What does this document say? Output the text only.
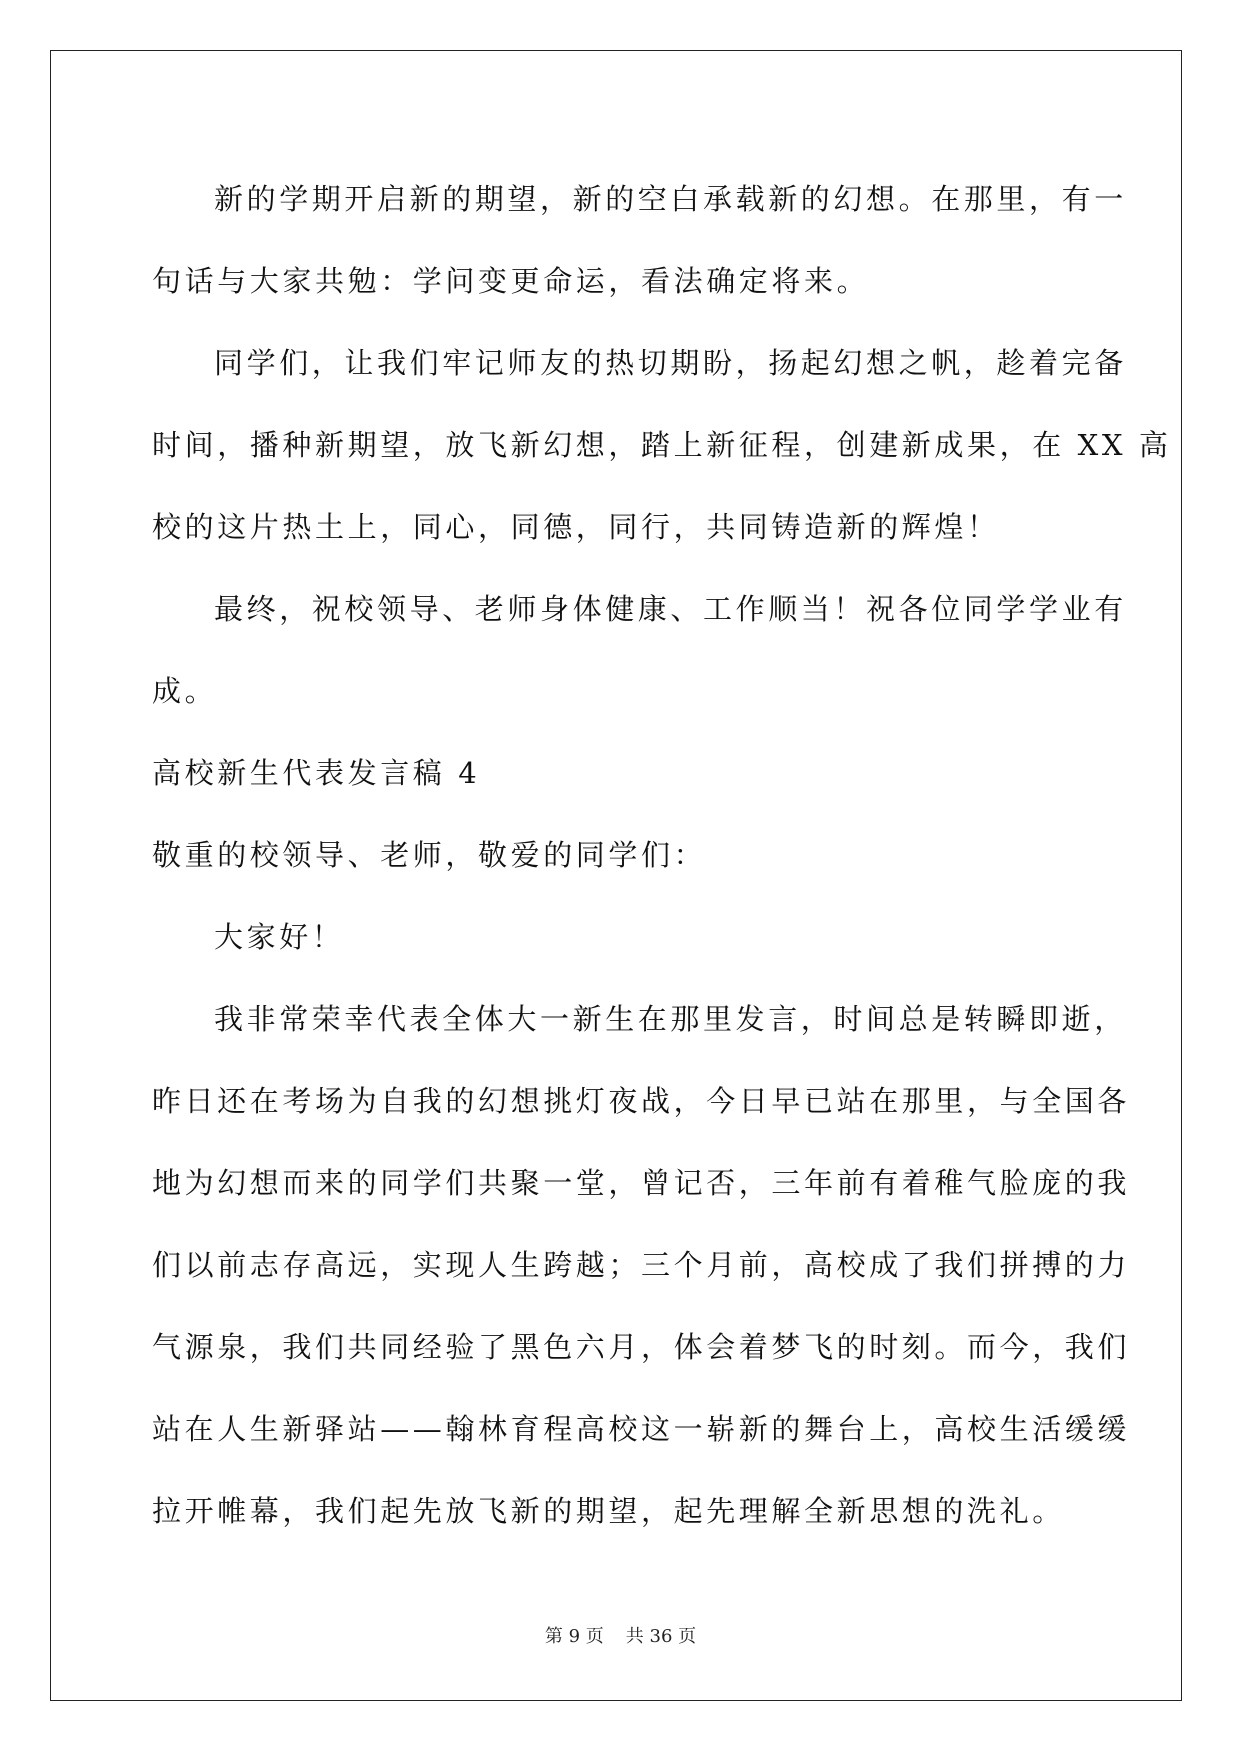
新的学期开启新的期望，新的空白承载新的幻想。在那里，有一
句话与大家共勉：学问变更命运，看法确定将来。
同学们，让我们牢记师友的热切期盼，扬起幻想之帆，趁着完备
时间，播种新期望，放飞新幻想，踏上新征程，创建新成果，在 XX 高
校的这片热土上，同心，同德，同行，共同铸造新的辉煌！
最终，祝校领导、老师身体健康、工作顺当！祝各位同学学业有
成。
高校新生代表发言稿 4
敬重的校领导、老师，敬爱的同学们：
大家好！
我非常荣幸代表全体大一新生在那里发言，时间总是转瞬即逝，
昨日还在考场为自我的幻想挑灯夜战，今日早已站在那里，与全国各
地为幻想而来的同学们共聚一堂，曾记否，三年前有着稚气脸庞的我
们以前志存高远，实现人生跨越；三个月前，高校成了我们拼搏的力
气源泉，我们共同经验了黑色六月，体会着梦飞的时刻。而今，我们
站在人生新驿站——翰林育程高校这一崭新的舞台上，高校生活缓缓
拉开帷幕，我们起先放飞新的期望，起先理解全新思想的洗礼。
第 9 页 共 36 页
